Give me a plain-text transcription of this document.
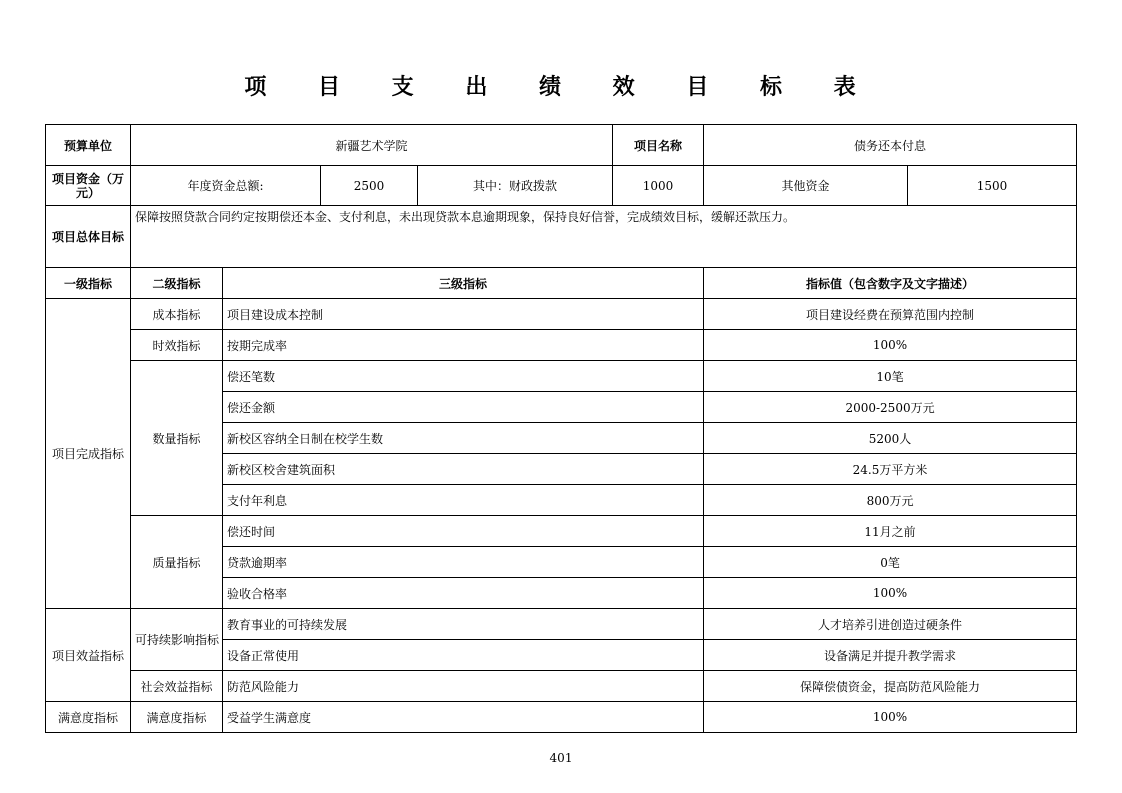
项 目 支 出 绩 效 目 标 表
预算单位	新疆艺术学院				项目名称	债务还本付息	
项目资金（万元）	年度资金总额:		2500	其中：财政拨款	1000	其他资金	1500
项目总体目标	保障按照贷款合同约定按期偿还本金、支付利息，未出现贷款本息逾期现象，保持良好信誉，完成绩效目标，缓解还款压力。						
一级指标	二级指标	三级指标				指标值（包含数字及文字描述）	
项目完成指标	成本指标	项目建设成本控制				项目建设经费在预算范围内控制	
	时效指标	按期完成率				100%	
	数量指标	偿还笔数				10笔	
		偿还金额				2000-2500万元	
		新校区容纳全日制在校学生数				5200人	
		新校区校舍建筑面积				24.5万平方米	
		支付年利息				800万元	
	质量指标	偿还时间				11月之前	
		贷款逾期率				0笔	
		验收合格率				100%	
项目效益指标	可持续影响指标	教育事业的可持续发展				人才培养引进创造过硬条件	
		设备正常使用				设备满足并提升教学需求	
	社会效益指标	防范风险能力				保障偿债资金，提高防范风险能力	
满意度指标	满意度指标	受益学生满意度				100%	
401
